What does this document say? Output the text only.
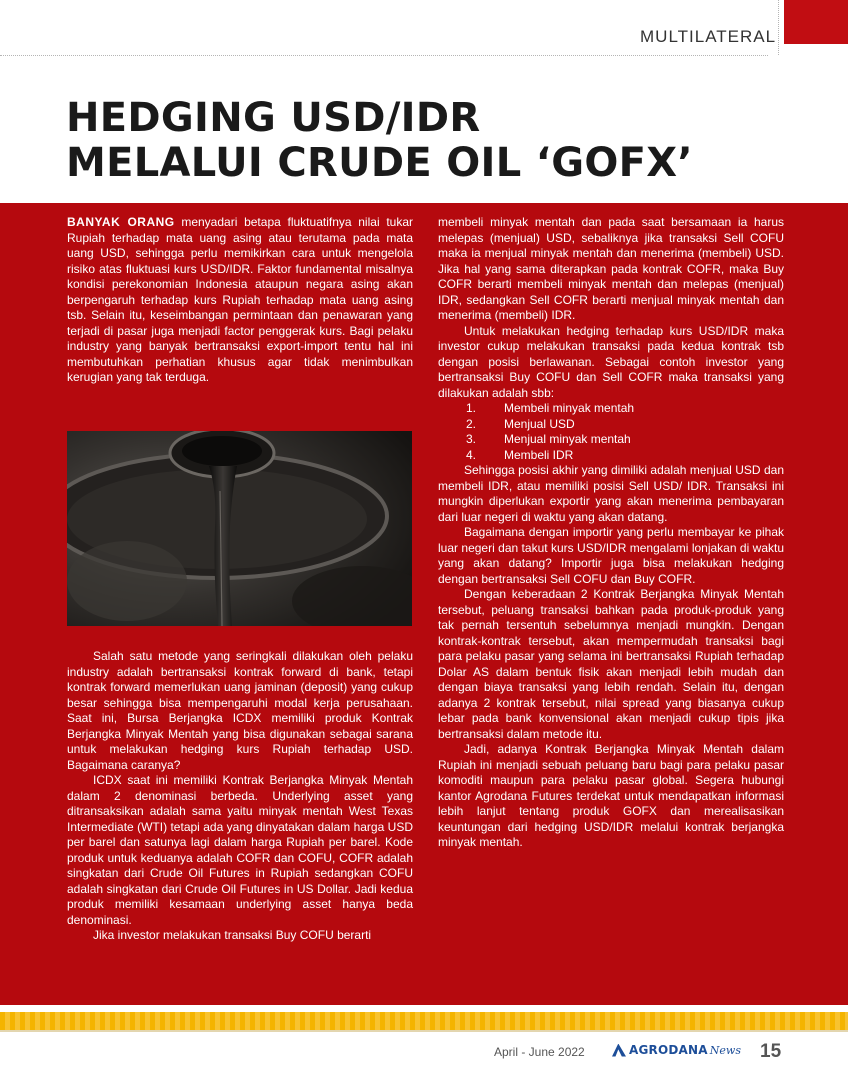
MULTILATERAL
HEDGING USD/IDR
MELALUI CRUDE OIL ‘GOFX’

BANYAK ORANG menyadari betapa fluktuatifnya nilai tukar Rupiah terhadap mata uang asing atau terutama pada mata uang USD, sehingga perlu memikirkan cara untuk mengelola risiko atas fluktuasi kurs USD/IDR. Faktor fundamental misalnya kondisi perekonomian Indonesia ataupun negara asing akan berpengaruh terhadap kurs Rupiah terhadap mata uang asing tsb. Selain itu, keseimbangan permintaan dan penawaran yang terjadi di pasar juga menjadi factor penggerak kurs. Bagi pelaku industry yang banyak bertransaksi export-import tentu hal ini membutuhkan perhatian khusus agar tidak menimbulkan kerugian yang tak terduga.

Salah satu metode yang seringkali dilakukan oleh pelaku industry adalah bertransaksi kontrak forward di bank, tetapi kontrak forward memerlukan uang jaminan (deposit) yang cukup besar sehingga bisa mempengaruhi modal kerja perusahaan. Saat ini, Bursa Berjangka ICDX memiliki produk Kontrak Berjangka Minyak Mentah yang bisa digunakan sebagai sarana untuk melakukan hedging kurs Rupiah terhadap USD. Bagaimana caranya?

ICDX saat ini memiliki Kontrak Berjangka Minyak Mentah dalam 2 denominasi berbeda. Underlying asset yang ditransaksikan adalah sama yaitu minyak mentah West Texas Intermediate (WTI) tetapi ada yang dinyatakan dalam harga USD per barel dan satunya lagi dalam harga Rupiah per barel. Kode produk untuk keduanya adalah COFR dan COFU, COFR adalah singkatan dari Crude Oil Futures in Rupiah sedangkan COFU adalah singkatan dari Crude Oil Futures in US Dollar. Jadi kedua produk memiliki kesamaan underlying asset hanya beda denominasi.

Jika investor melakukan transaksi Buy COFU berarti

membeli minyak mentah dan pada saat bersamaan ia harus melepas (menjual) USD, sebaliknya jika transaksi Sell COFU maka ia menjual minyak mentah dan menerima (membeli) USD. Jika hal yang sama diterapkan pada kontrak COFR, maka Buy COFR berarti membeli minyak mentah dan melepas (menjual) IDR, sedangkan Sell COFR berarti menjual minyak mentah dan menerima (membeli) IDR.

Untuk melakukan hedging terhadap kurs USD/IDR maka investor cukup melakukan transaksi pada kedua kontrak tsb dengan posisi berlawanan. Sebagai contoh investor yang bertransaksi Buy COFU dan Sell COFR maka transaksi yang dilakukan adalah sbb:

1.	Membeli minyak mentah
2.	Menjual USD
3.	Menjual minyak mentah
4.	Membeli IDR

Sehingga posisi akhir yang dimiliki adalah menjual USD dan membeli IDR, atau memiliki posisi Sell USD/ IDR. Transaksi ini mungkin diperlukan exportir yang akan menerima pembayaran dari luar negeri di waktu yang akan datang.

Bagaimana dengan importir yang perlu membayar ke pihak luar negeri dan takut kurs USD/IDR mengalami lonjakan di waktu yang akan datang? Importir juga bisa melakukan hedging dengan bertransaksi Sell COFU dan Buy COFR.

Dengan keberadaan 2 Kontrak Berjangka Minyak Mentah tersebut, peluang transaksi bahkan pada produk-produk yang tak pernah tersentuh sebelumnya menjadi mungkin. Dengan kontrak-kontrak tersebut, akan mempermudah transaksi bagi para pelaku pasar yang selama ini bertransaksi Rupiah terhadap Dolar AS dalam bentuk fisik akan menjadi lebih mudah dan dengan biaya transaksi yang lebih rendah. Selain itu, dengan adanya 2 kontrak tersebut, nilai spread yang biasanya cukup lebar pada bank konvensional akan menjadi cukup tipis jika bertransaksi dalam metode itu.

Jadi, adanya Kontrak Berjangka Minyak Mentah dalam Rupiah ini menjadi sebuah peluang baru bagi para pelaku pasar komoditi maupun para pelaku pasar global. Segera hubungi kantor Agrodana Futures terdekat untuk mendapatkan informasi lebih lanjut tentang produk GOFX dan merealisasikan keuntungan dari hedging USD/IDR melalui kontrak berjangka minyak mentah.

April - June 2022	AGRODANA News 15
